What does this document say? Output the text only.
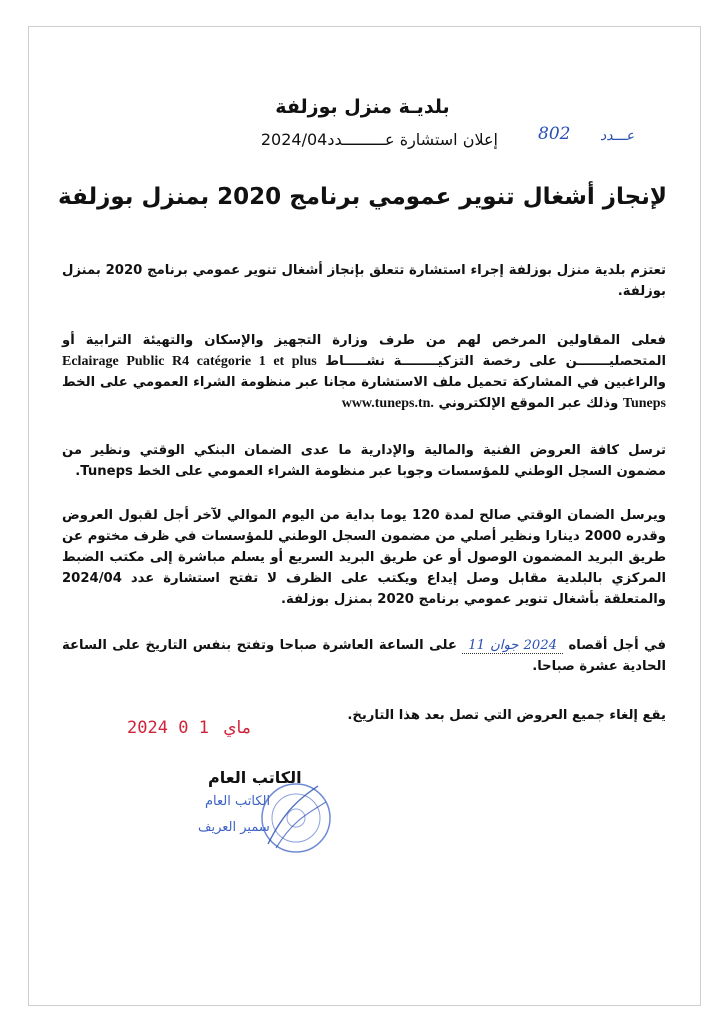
بلديـة منزل بوزلفة
عـــدد
802
إعلان استشارة عـــــــــدد2024/04
لإنجاز أشغال تنوير عمومي برنامج 2020 بمنزل بوزلفة
تعتزم بلدية منزل بوزلفة إجراء استشارة تتعلق بإنجاز أشغال تنوير عمومي برنامج 2020 بمنزل بوزلفة.
فعلى المقاولين المرخص لهم من طرف وزارة التجهيز والإسكان والتهيئة الترابية أو المتحصليـــــــن على رخصة التزكيــــــــة نشـــــاط Eclairage Public R4 catégorie 1 et plus والراغبين في المشاركة تحميل ملف الاستشارة مجانا عبر منظومة الشراء العمومي على الخط Tuneps وذلك عبر الموقع الإلكتروني www.tuneps.tn.
ترسل كافة العروض الفنية والمالية والإدارية ما عدى الضمان البنكي الوقتي ونظير من مضمون السجل الوطني للمؤسسات وجوبا عبر منظومة الشراء العمومي على الخط Tuneps.
ويرسل الضمان الوقتي صالح لمدة 120 يوما بداية من اليوم الموالي لآخر أجل لقبول العروض وقدره 2000 دينارا ونظير أصلي من مضمون السجل الوطني للمؤسسات في ظرف مختوم عن طريق البريد المضمون الوصول أو عن طريق البريد السريع أو يسلم مباشرة إلى مكتب الضبط المركزي بالبلدية مقابل وصل إيداع ويكتب على الظرف لا تفتح استشارة عدد 2024/04 والمتعلقة بأشغال تنوير عمومي برنامج 2020 بمنزل بوزلفة.
في أجل أقصاه 2024 جوان 11 على الساعة العاشرة صباحا وتفتح بنفس التاريخ على الساعة الحادية عشرة صباحا.
يقع إلغاء جميع العروض التي تصل بعد هذا التاريخ.
2024	ماي 1 0
الكاتب العام
الكاتب العام
سمير العريف
